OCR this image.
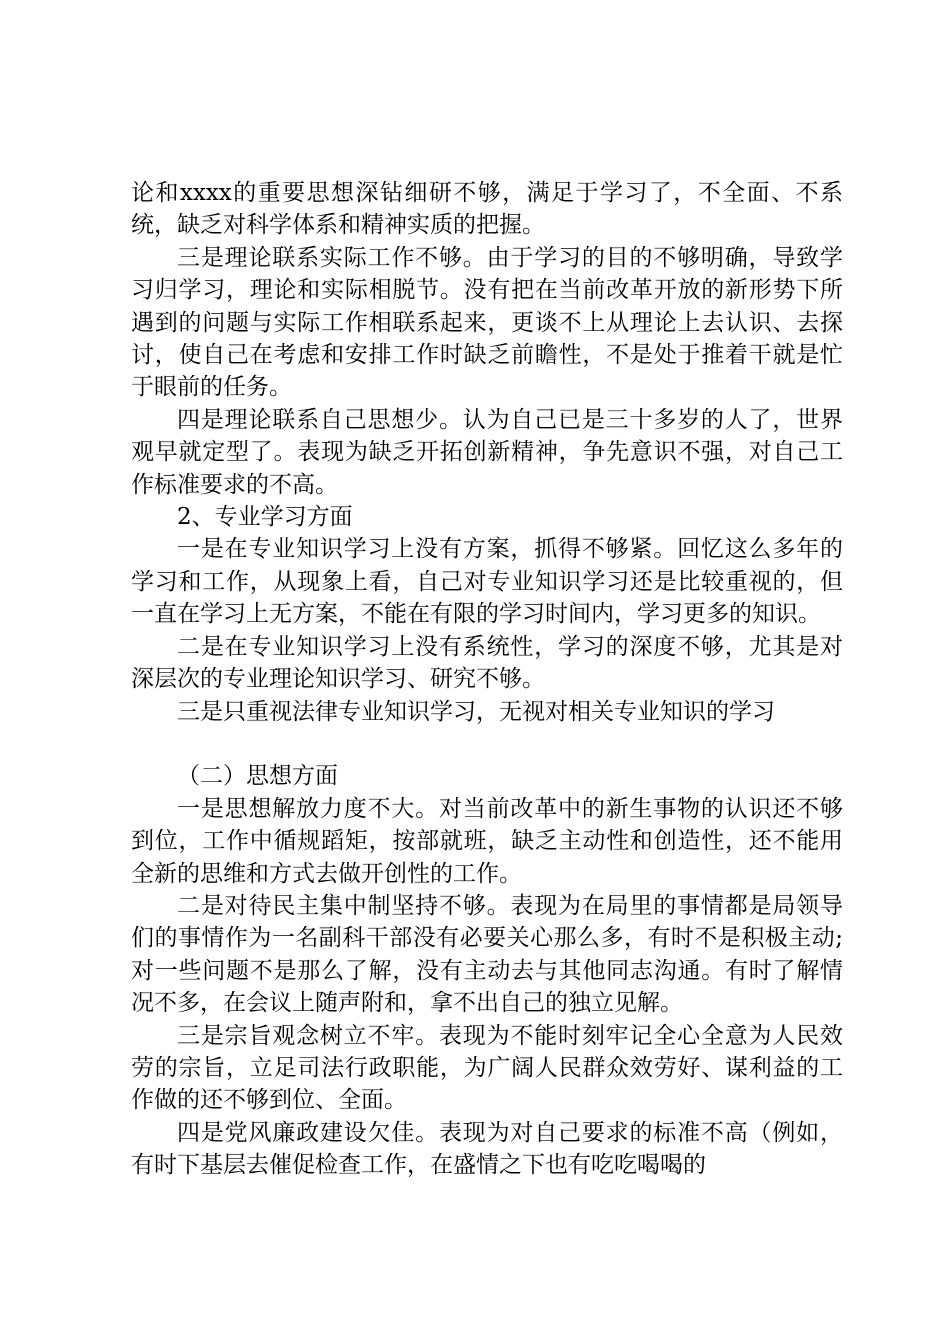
论和xxxx的重要思想深钻细研不够，满足于学习了，不全面、不系统，缺乏对科学体系和精神实质的把握。

三是理论联系实际工作不够。由于学习的目的不够明确，导致学习归学习，理论和实际相脱节。没有把在当前改革开放的新形势下所遇到的问题与实际工作相联系起来，更谈不上从理论上去认识、去探讨，使自己在考虑和安排工作时缺乏前瞻性，不是处于推着干就是忙于眼前的任务。

四是理论联系自己思想少。认为自己已是三十多岁的人了，世界观早就定型了。表现为缺乏开拓创新精神，争先意识不强，对自己工作标准要求的不高。

2、专业学习方面

一是在专业知识学习上没有方案，抓得不够紧。回忆这么多年的学习和工作，从现象上看，自己对专业知识学习还是比较重视的，但一直在学习上无方案，不能在有限的学习时间内，学习更多的知识。

二是在专业知识学习上没有系统性，学习的深度不够，尤其是对深层次的专业理论知识学习、研究不够。

三是只重视法律专业知识学习，无视对相关专业知识的学习

（二）思想方面

一是思想解放力度不大。对当前改革中的新生事物的认识还不够到位，工作中循规蹈矩，按部就班，缺乏主动性和创造性，还不能用全新的思维和方式去做开创性的工作。

二是对待民主集中制坚持不够。表现为在局里的事情都是局领导们的事情作为一名副科干部没有必要关心那么多，有时不是积极主动;对一些问题不是那么了解，没有主动去与其他同志沟通。有时了解情况不多，在会议上随声附和，拿不出自己的独立见解。

三是宗旨观念树立不牢。表现为不能时刻牢记全心全意为人民效劳的宗旨，立足司法行政职能，为广阔人民群众效劳好、谋利益的工作做的还不够到位、全面。

四是党风廉政建设欠佳。表现为对自己要求的标准不高（例如，有时下基层去催促检查工作，在盛情之下也有吃吃喝喝的
